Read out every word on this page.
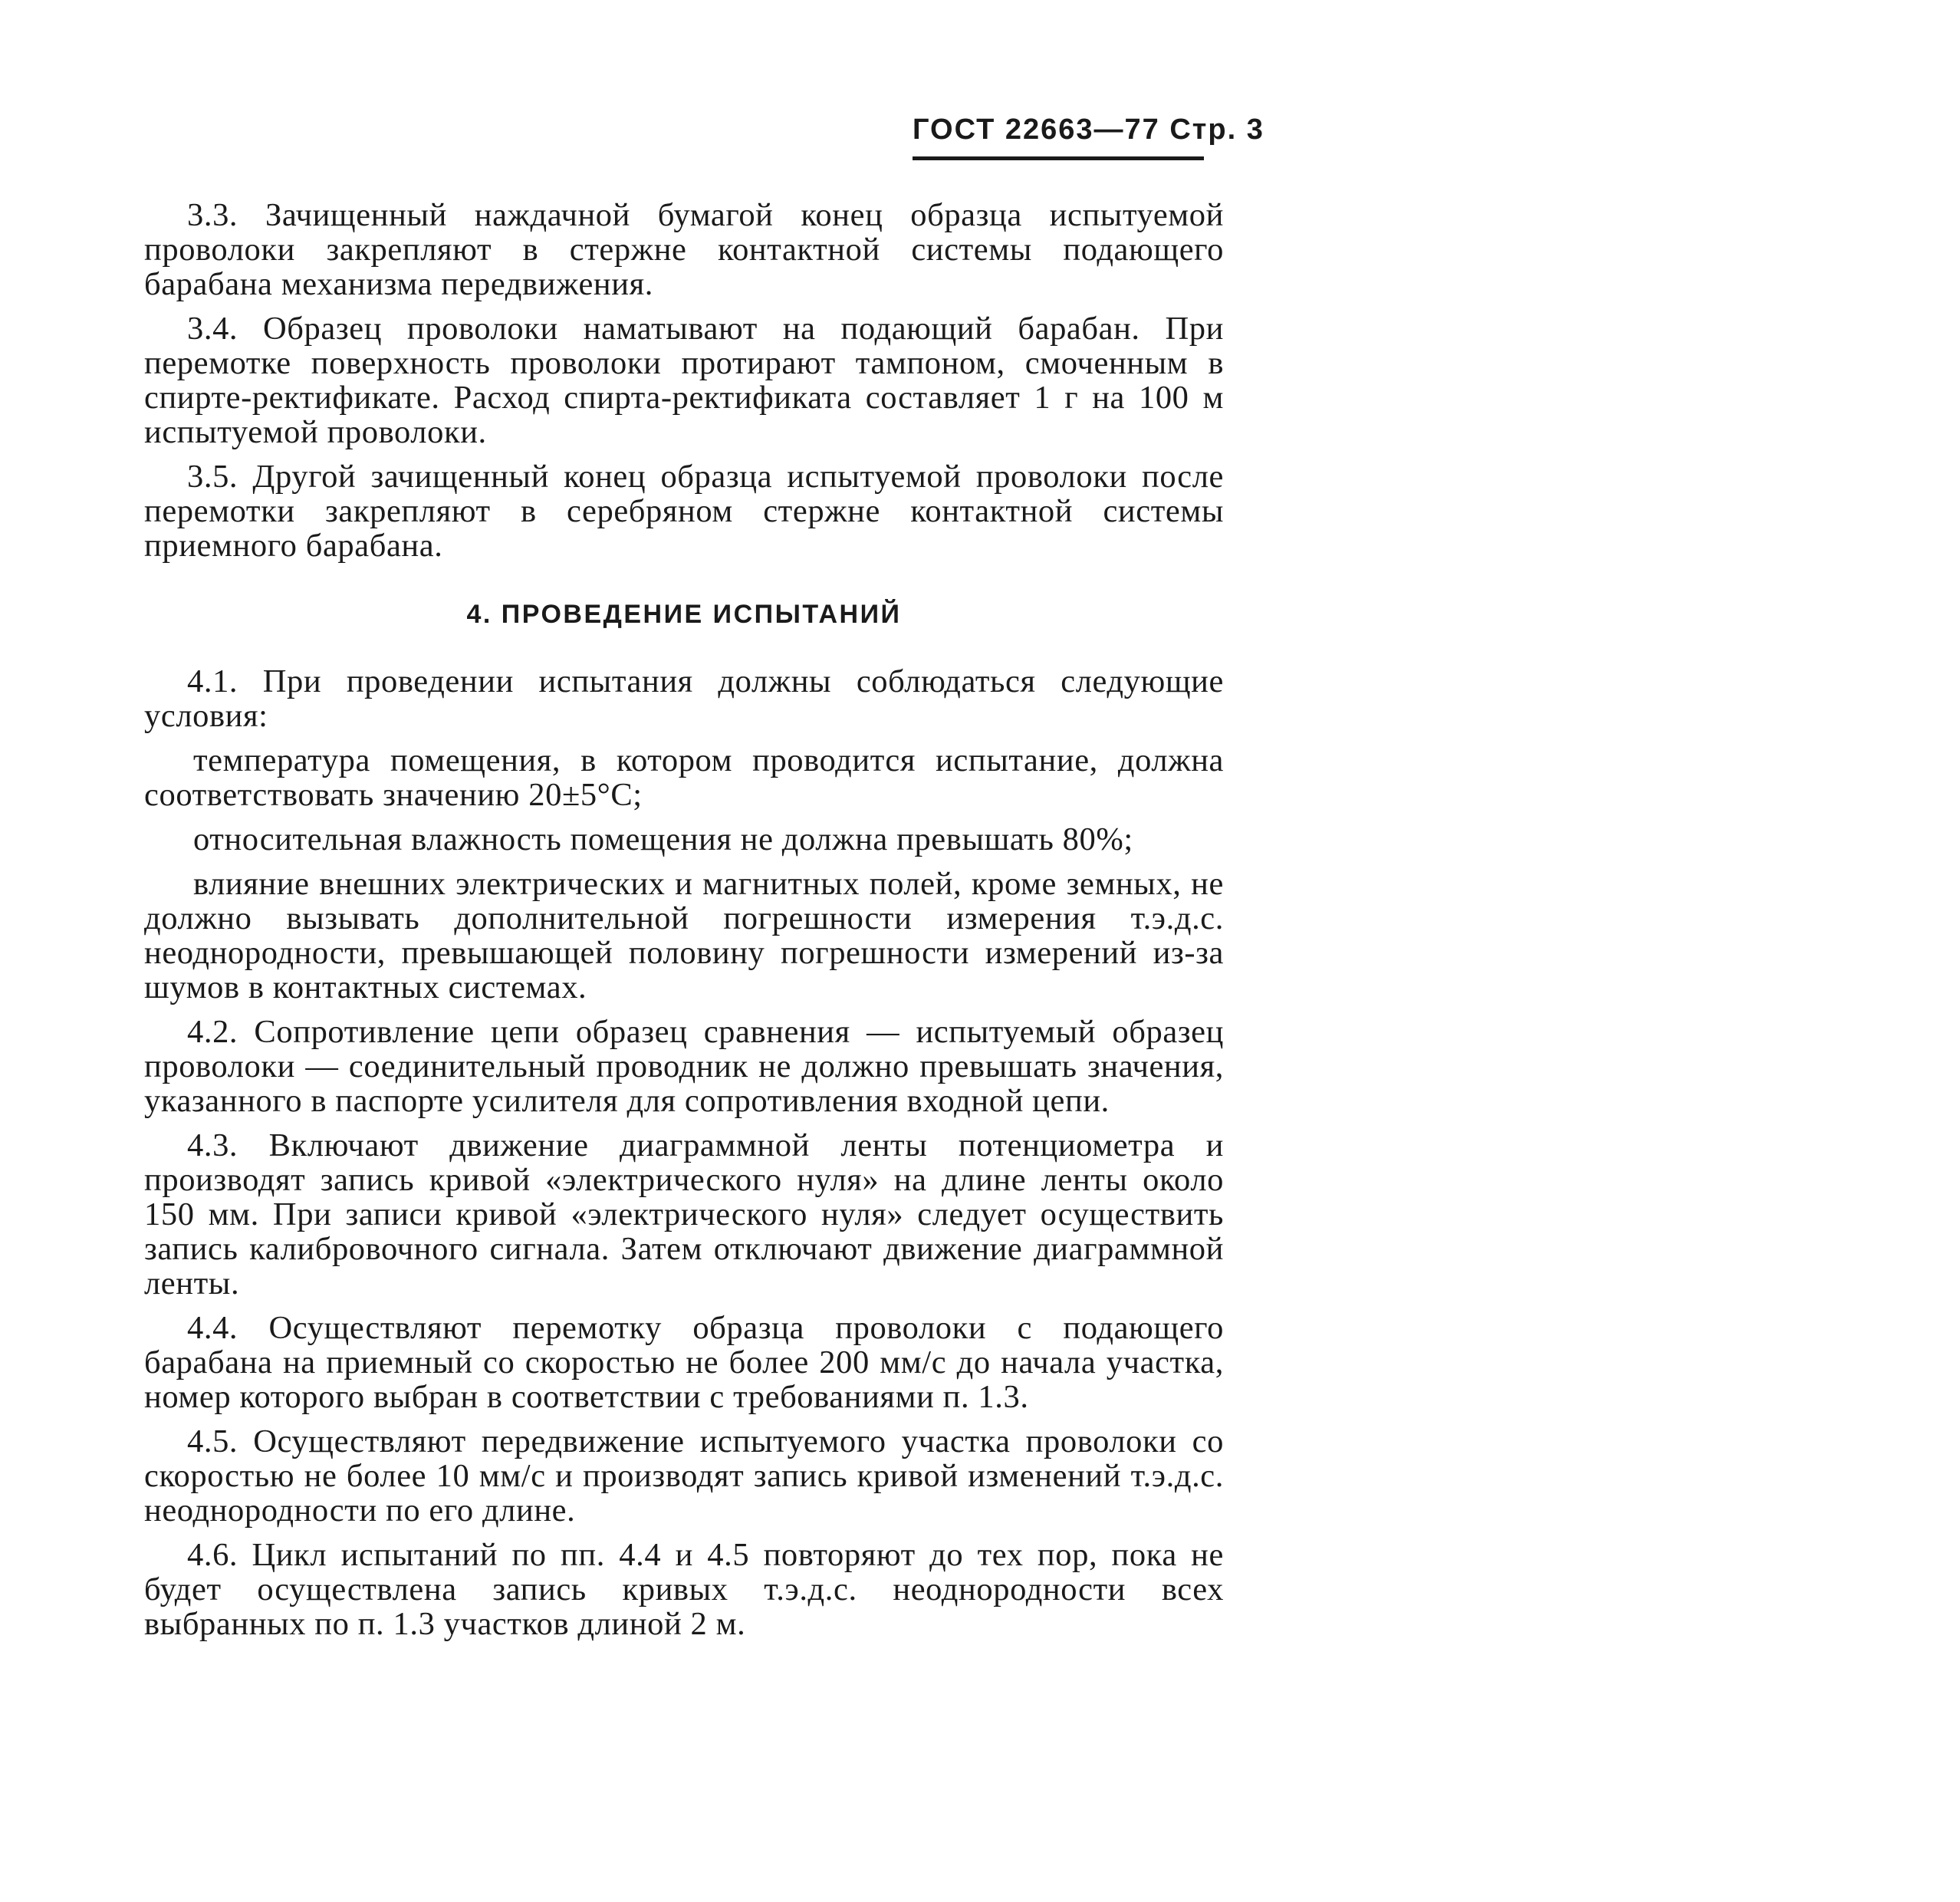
ГОСТ 22663—77 Стр. 3

3.3. Зачищенный наждачной бумагой конец образца испытуемой проволоки закрепляют в стержне контактной системы подающего барабана механизма передвижения.

3.4. Образец проволоки наматывают на подающий барабан. При перемотке поверхность проволоки протирают тампоном, смоченным в спирте-ректификате. Расход спирта-ректификата составляет 1 г на 100 м испытуемой проволоки.

3.5. Другой зачищенный конец образца испытуемой проволоки после перемотки закрепляют в серебряном стержне контактной системы приемного барабана.

4. ПРОВЕДЕНИЕ ИСПЫТАНИЙ

4.1. При проведении испытания должны соблюдаться следующие условия:

температура помещения, в котором проводится испытание, должна соответствовать значению 20±5°С;

относительная влажность помещения не должна превышать 80%;

влияние внешних электрических и магнитных полей, кроме земных, не должно вызывать дополнительной погрешности измерения т.э.д.с. неоднородности, превышающей половину погрешности измерений из-за шумов в контактных системах.

4.2. Сопротивление цепи образец сравнения — испытуемый образец проволоки — соединительный проводник не должно превышать значения, указанного в паспорте усилителя для сопротивления входной цепи.

4.3. Включают движение диаграммной ленты потенциометра и производят запись кривой «электрического нуля» на длине ленты около 150 мм. При записи кривой «электрического нуля» следует осуществить запись калибровочного сигнала. Затем отключают движение диаграммной ленты.

4.4. Осуществляют перемотку образца проволоки с подающего барабана на приемный со скоростью не более 200 мм/с до начала участка, номер которого выбран в соответствии с требованиями п. 1.3.

4.5. Осуществляют передвижение испытуемого участка проволоки со скоростью не более 10 мм/с и производят запись кривой изменений т.э.д.с. неоднородности по его длине.

4.6. Цикл испытаний по пп. 4.4 и 4.5 повторяют до тех пор, пока не будет осуществлена запись кривых т.э.д.с. неоднородности всех выбранных по п. 1.3 участков длиной 2 м.
